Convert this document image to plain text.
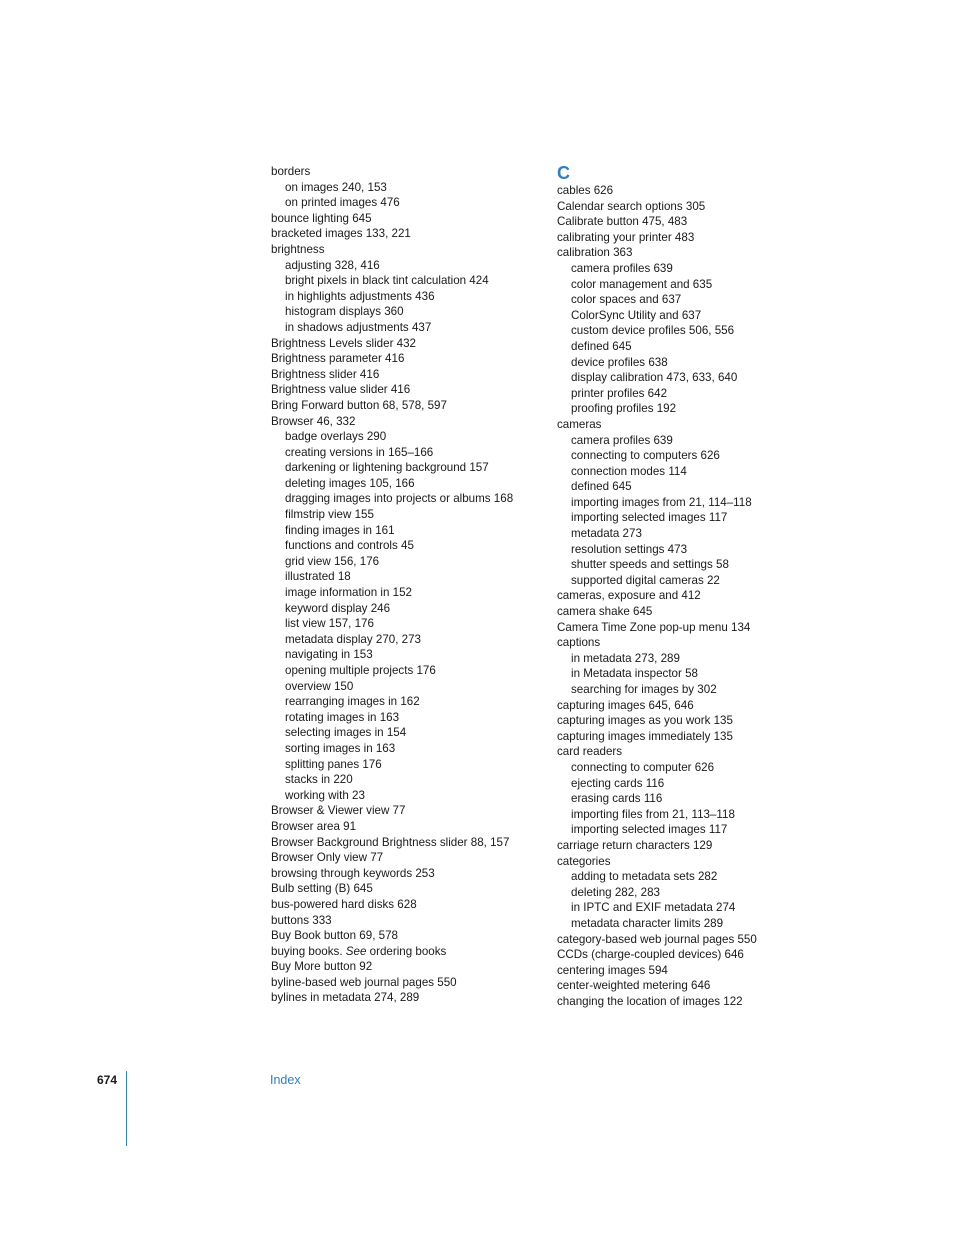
borders
on images 240, 153
on printed images 476
bounce lighting 645
bracketed images 133, 221
brightness
adjusting 328, 416
bright pixels in black tint calculation 424
in highlights adjustments 436
histogram displays 360
in shadows adjustments 437
Brightness Levels slider 432
Brightness parameter 416
Brightness slider 416
Brightness value slider 416
Bring Forward button 68, 578, 597
Browser 46, 332
badge overlays 290
creating versions in 165–166
darkening or lightening background 157
deleting images 105, 166
dragging images into projects or albums 168
filmstrip view 155
finding images in 161
functions and controls 45
grid view 156, 176
illustrated 18
image information in 152
keyword display 246
list view 157, 176
metadata display 270, 273
navigating in 153
opening multiple projects 176
overview 150
rearranging images in 162
rotating images in 163
selecting images in 154
sorting images in 163
splitting panes 176
stacks in 220
working with 23
Browser & Viewer view 77
Browser area 91
Browser Background Brightness slider 88, 157
Browser Only view 77
browsing through keywords 253
Bulb setting (B) 645
bus-powered hard disks 628
buttons 333
Buy Book button 69, 578
buying books. See ordering books
Buy More button 92
byline-based web journal pages 550
bylines in metadata 274, 289
C
cables 626
Calendar search options 305
Calibrate button 475, 483
calibrating your printer 483
calibration 363
camera profiles 639
color management and 635
color spaces and 637
ColorSync Utility and 637
custom device profiles 506, 556
defined 645
device profiles 638
display calibration 473, 633, 640
printer profiles 642
proofing profiles 192
cameras
camera profiles 639
connecting to computers 626
connection modes 114
defined 645
importing images from 21, 114–118
importing selected images 117
metadata 273
resolution settings 473
shutter speeds and settings 58
supported digital cameras 22
cameras, exposure and 412
camera shake 645
Camera Time Zone pop-up menu 134
captions
in metadata 273, 289
in Metadata inspector 58
searching for images by 302
capturing images 645, 646
capturing images as you work 135
capturing images immediately 135
card readers
connecting to computer 626
ejecting cards 116
erasing cards 116
importing files from 21, 113–118
importing selected images 117
carriage return characters 129
categories
adding to metadata sets 282
deleting 282, 283
in IPTC and EXIF metadata 274
metadata character limits 289
category-based web journal pages 550
CCDs (charge-coupled devices) 646
centering images 594
center-weighted metering 646
changing the location of images 122
674	Index
